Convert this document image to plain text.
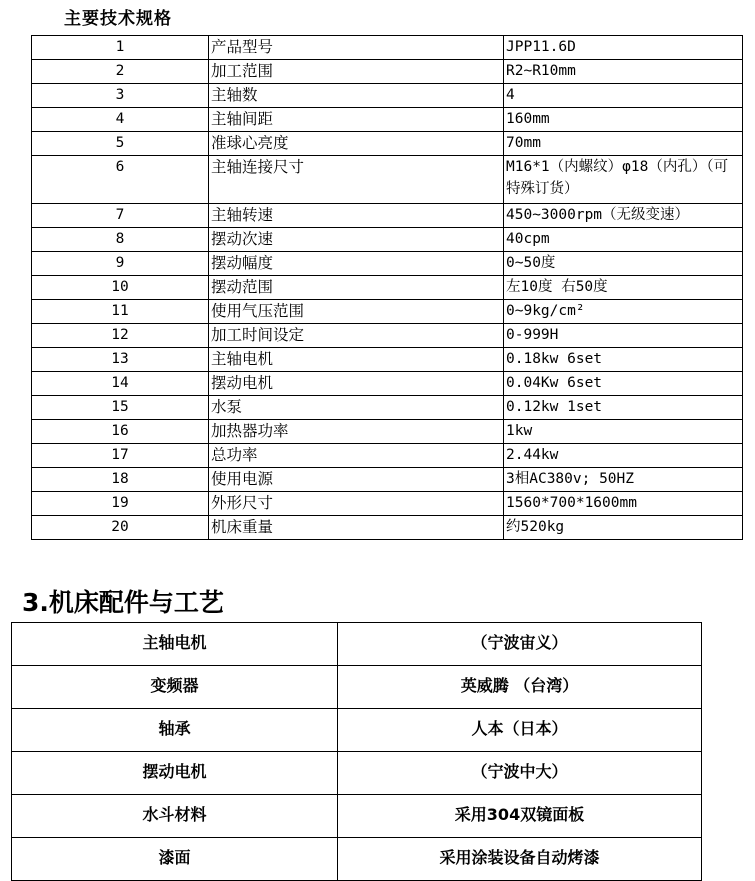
主要技术规格
1	产品型号	JPP11.6D
2	加工范围	R2~R10mm
3	主轴数	4
4	主轴间距	160mm
5	准球心亮度	70mm
6	主轴连接尺寸	M16*1（内螺纹）φ18（内孔）（可特殊订货）
7	主轴转速	450~3000rpm（无级变速）
8	摆动次速	40cpm
9	摆动幅度	0~50度
10	摆动范围	左10度 右50度
11	使用气压范围	0~9kg/cm²
12	加工时间设定	0-999H
13	主轴电机	0.18kw 6set
14	摆动电机	0.04Kw 6set
15	水泵	0.12kw 1set
16	加热器功率	1kw
17	总功率	2.44kw
18	使用电源	3相AC380v; 50HZ
19	外形尺寸	1560*700*1600mm
20	机床重量	约520kg
3.机床配件与工艺
主轴电机	（宁波宙义）
变频器	英威腾 （台湾）
轴承	人本（日本）
摆动电机	（宁波中大）
水斗材料	采用304双镜面板
漆面	采用涂装设备自动烤漆
